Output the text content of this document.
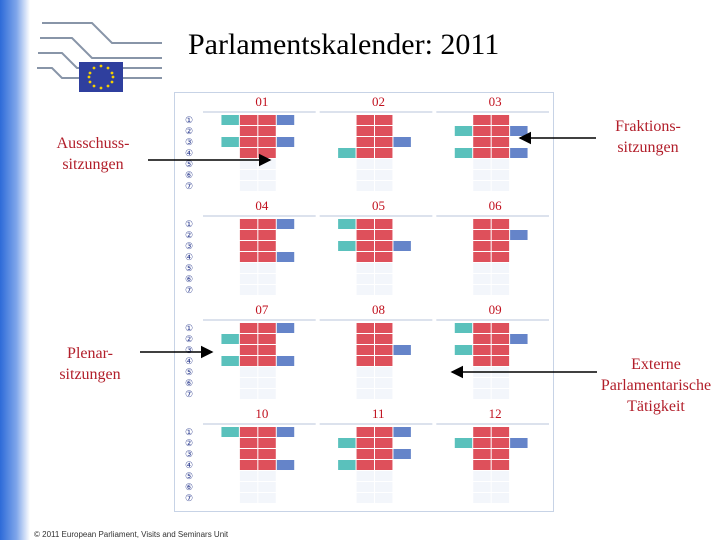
Parlamentskalender: 2011
Ausschuss-
sitzungen
Fraktions-
sitzungen
Plenar-
sitzungen
Externe
Parlamentarische
Tätigkeit
①
②
③
④
⑤
⑥
⑦
01	02	03
①
②
③
④
⑤
⑥
⑦
04	05	06
①
②
③
④
⑤
⑥
⑦
07	08	09
①
②
③
④
⑤
⑥
⑦
10	11	12
© 2011 European Parliament, Visits and Seminars Unit
